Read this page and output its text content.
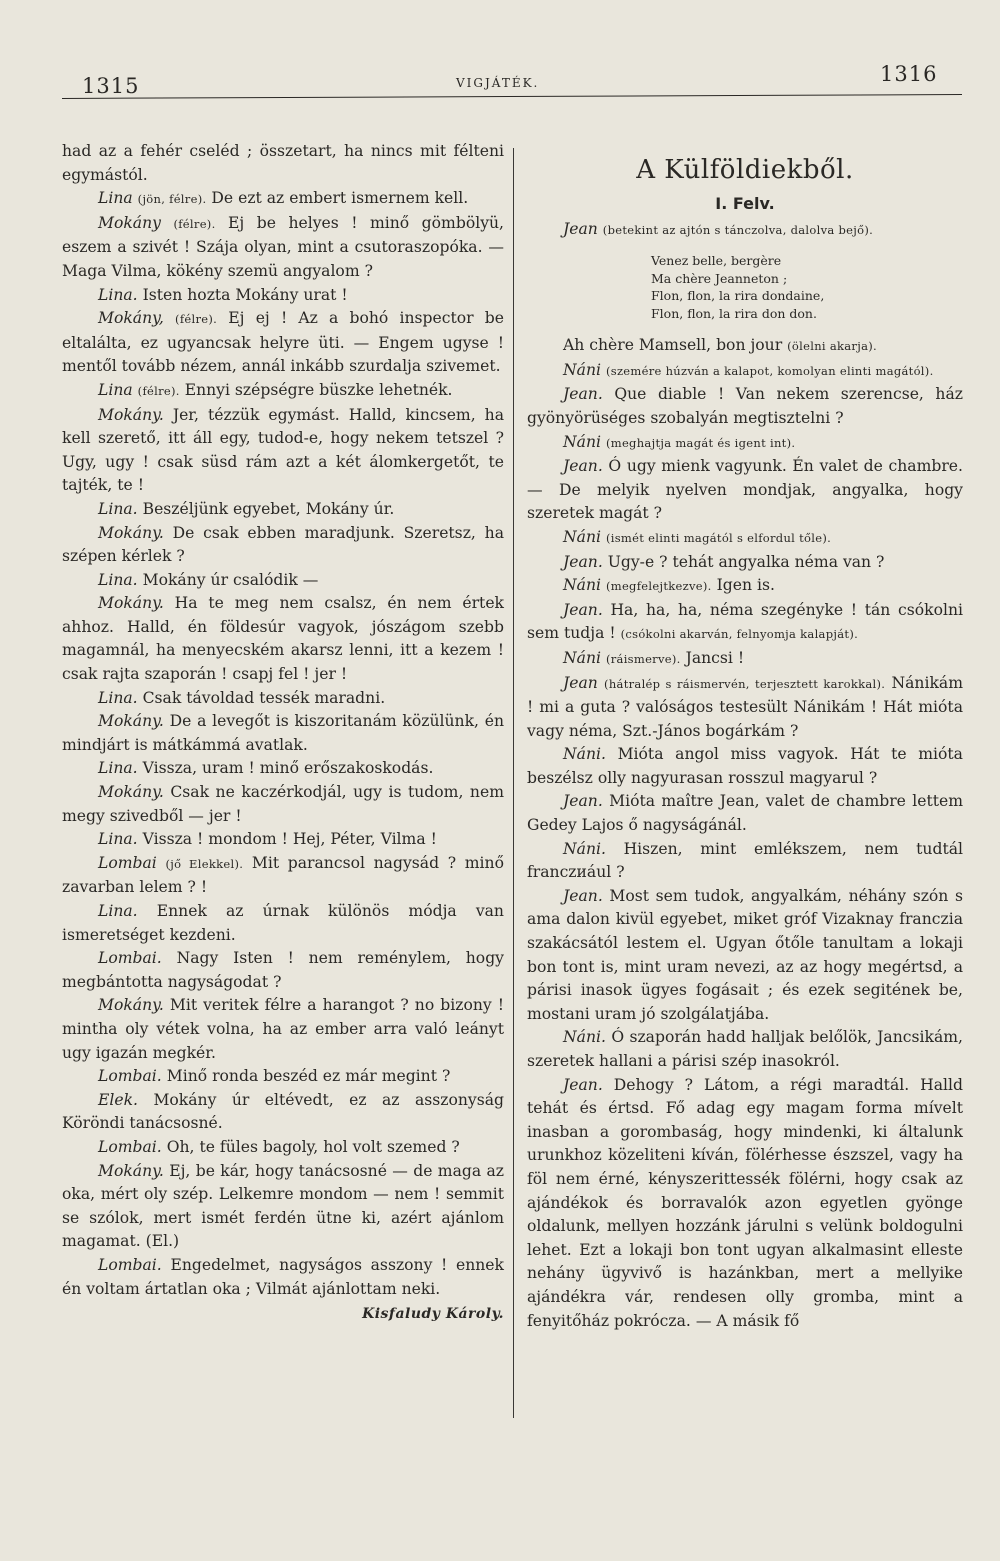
1315	VIGJÁTÉK.	1316

had az a fehér cseléd ; összetart, ha nincs mit félteni egymástól.

Lina (jön, félre). De ezt az embert ismernem kell.

Mokány (félre). Ej be helyes ! minő gömbölyü, eszem a szivét ! Szája olyan, mint a csutoraszopóka. — Maga Vilma, kökény szemü angyalom ?

Lina. Isten hozta Mokány urat !

Mokány, (félre). Ej ej ! Az a bohó inspector be eltalálta, ez ugyancsak helyre üti. — Engem ugyse ! mentől tovább nézem, annál inkább szurdalja szivemet.

Lina (félre). Ennyi szépségre büszke lehetnék.

Mokány. Jer, tézzük egymást. Halld, kincsem, ha kell szerető, itt áll egy, tudod-e, hogy nekem tetszel ? Ugy, ugy ! csak süsd rám azt a két álomkergetőt, te tajték, te !

Lina. Beszéljünk egyebet, Mokány úr.

Mokány. De csak ebben maradjunk. Szeretsz, ha szépen kérlek ?

Lina. Mokány úr csalódik —

Mokány. Ha te meg nem csalsz, én nem értek ahhoz. Halld, én földesúr vagyok, jószágom szebb magamnál, ha menyecském akarsz lenni, itt a kezem ! csak rajta szaporán ! csapj fel ! jer !

Lina. Csak távoldad tessék maradni.

Mokány. De a levegőt is kiszoritanám közülünk, én mindjárt is mátkámmá avatlak.

Lina. Vissza, uram ! minő erőszakoskodás.

Mokány. Csak ne kaczérkodjál, ugy is tudom, nem megy szivedből — jer !

Lina. Vissza ! mondom ! Hej, Péter, Vilma !

Lombai (jő Elekkel). Mit parancsol nagysád ? minő zavarban lelem ? !

Lina. Ennek az úrnak különös módja van ismeretséget kezdeni.

Lombai. Nagy Isten ! nem reménylem, hogy megbántotta nagyságodat ?

Mokány. Mit veritek félre a harangot ? no bizony ! mintha oly vétek volna, ha az ember arra való leányt ugy igazán megkér.

Lombai. Minő ronda beszéd ez már megint ?

Elek. Mokány úr eltévedt, ez az asszonyság Köröndi tanácsosné.

Lombai. Oh, te füles bagoly, hol volt szemed ?

Mokány. Ej, be kár, hogy tanácsosné — de maga az oka, mért oly szép. Lelkemre mondom — nem ! semmit se szólok, mert ismét ferdén ütne ki, azért ajánlom magamat. (El.)

Lombai. Engedelmet, nagyságos asszony ! ennek én voltam ártatlan oka ; Vilmát ajánlottam neki.

Kisfaludy Károly.

A Külföldiekből.

I. Felv.

Jean (betekint az ajtón s tánczolva, dalolva bejő).

Venez belle, bergère
Ma chère Jeanneton ;
Flon, flon, la rira dondaine,
Flon, flon, la rira don don.

Ah chère Mamsell, bon jour (ölelni akarja).

Náni (szemére húzván a kalapot, komolyan elinti magától).

Jean. Que diable ! Van nekem szerencse, ház gyönyörüséges szobalyán megtisztelni ?

Náni (meghajtja magát és igent int).

Jean. Ó ugy mienk vagyunk. Én valet de chambre. — De melyik nyelven mondjak, angyalka, hogy szeretek magát ?

Náni (ismét elinti magától s elfordul tőle).

Jean. Ugy-e ? tehát angyalka néma van ?

Náni (megfelejtkezve). Igen is.

Jean. Ha, ha, ha, néma szegényke ! tán csókolni sem tudja ! (csókolni akarván, felnyomja kalapját).

Náni (ráismerve). Jancsi !

Jean (hátralép s ráismervén, terjesztett karokkal). Nánikám ! mi a guta ? valóságos testesült Nánikám ! Hát mióta vagy néma, Szt.-János bogárkám ?

Náni. Mióta angol miss vagyok. Hát te mióta beszélsz olly nagyurasan rosszul magyarul ?

Jean. Mióta maître Jean, valet de chambre lettem Gedey Lajos ő nagyságánál.

Náni. Hiszen, mint emlékszem, nem tudtál franczиául ?

Jean. Most sem tudok, angyalkám, néhány szón s ama dalon kivül egyebet, miket gróf Vizaknay franczia szakácsától lestem el. Ugyan őtőle tanultam a lokaji bon tont is, mint uram nevezi, az az hogy megértsd, a párisi inasok ügyes fogásait ; és ezek segitének be, mostani uram jó szolgálatjába.

Náni. Ó szaporán hadd halljak belőlök, Jancsikám, szeretek hallani a párisi szép inasokról.

Jean. Dehogy ? Látom, a régi maradtál. Halld tehát és értsd. Fő adag egy magam forma mívelt inasban a gorombaság, hogy mindenki, ki általunk urunkhoz közeliteni kíván, fölérhesse észszel, vagy ha föl nem érné, kényszerittessék fölérni, hogy csak az ajándékok és borravalók azon egyetlen gyönge oldalunk, mellyen hozzánk járulni s velünk boldogulni lehet. Ezt a lokaji bon tont ugyan alkalmasint elleste nehány ügyvivő is hazánkban, mert a mellyike ajándékra vár, rendesen olly gromba, mint a fenyitőház pokrócza. — A másik fő
